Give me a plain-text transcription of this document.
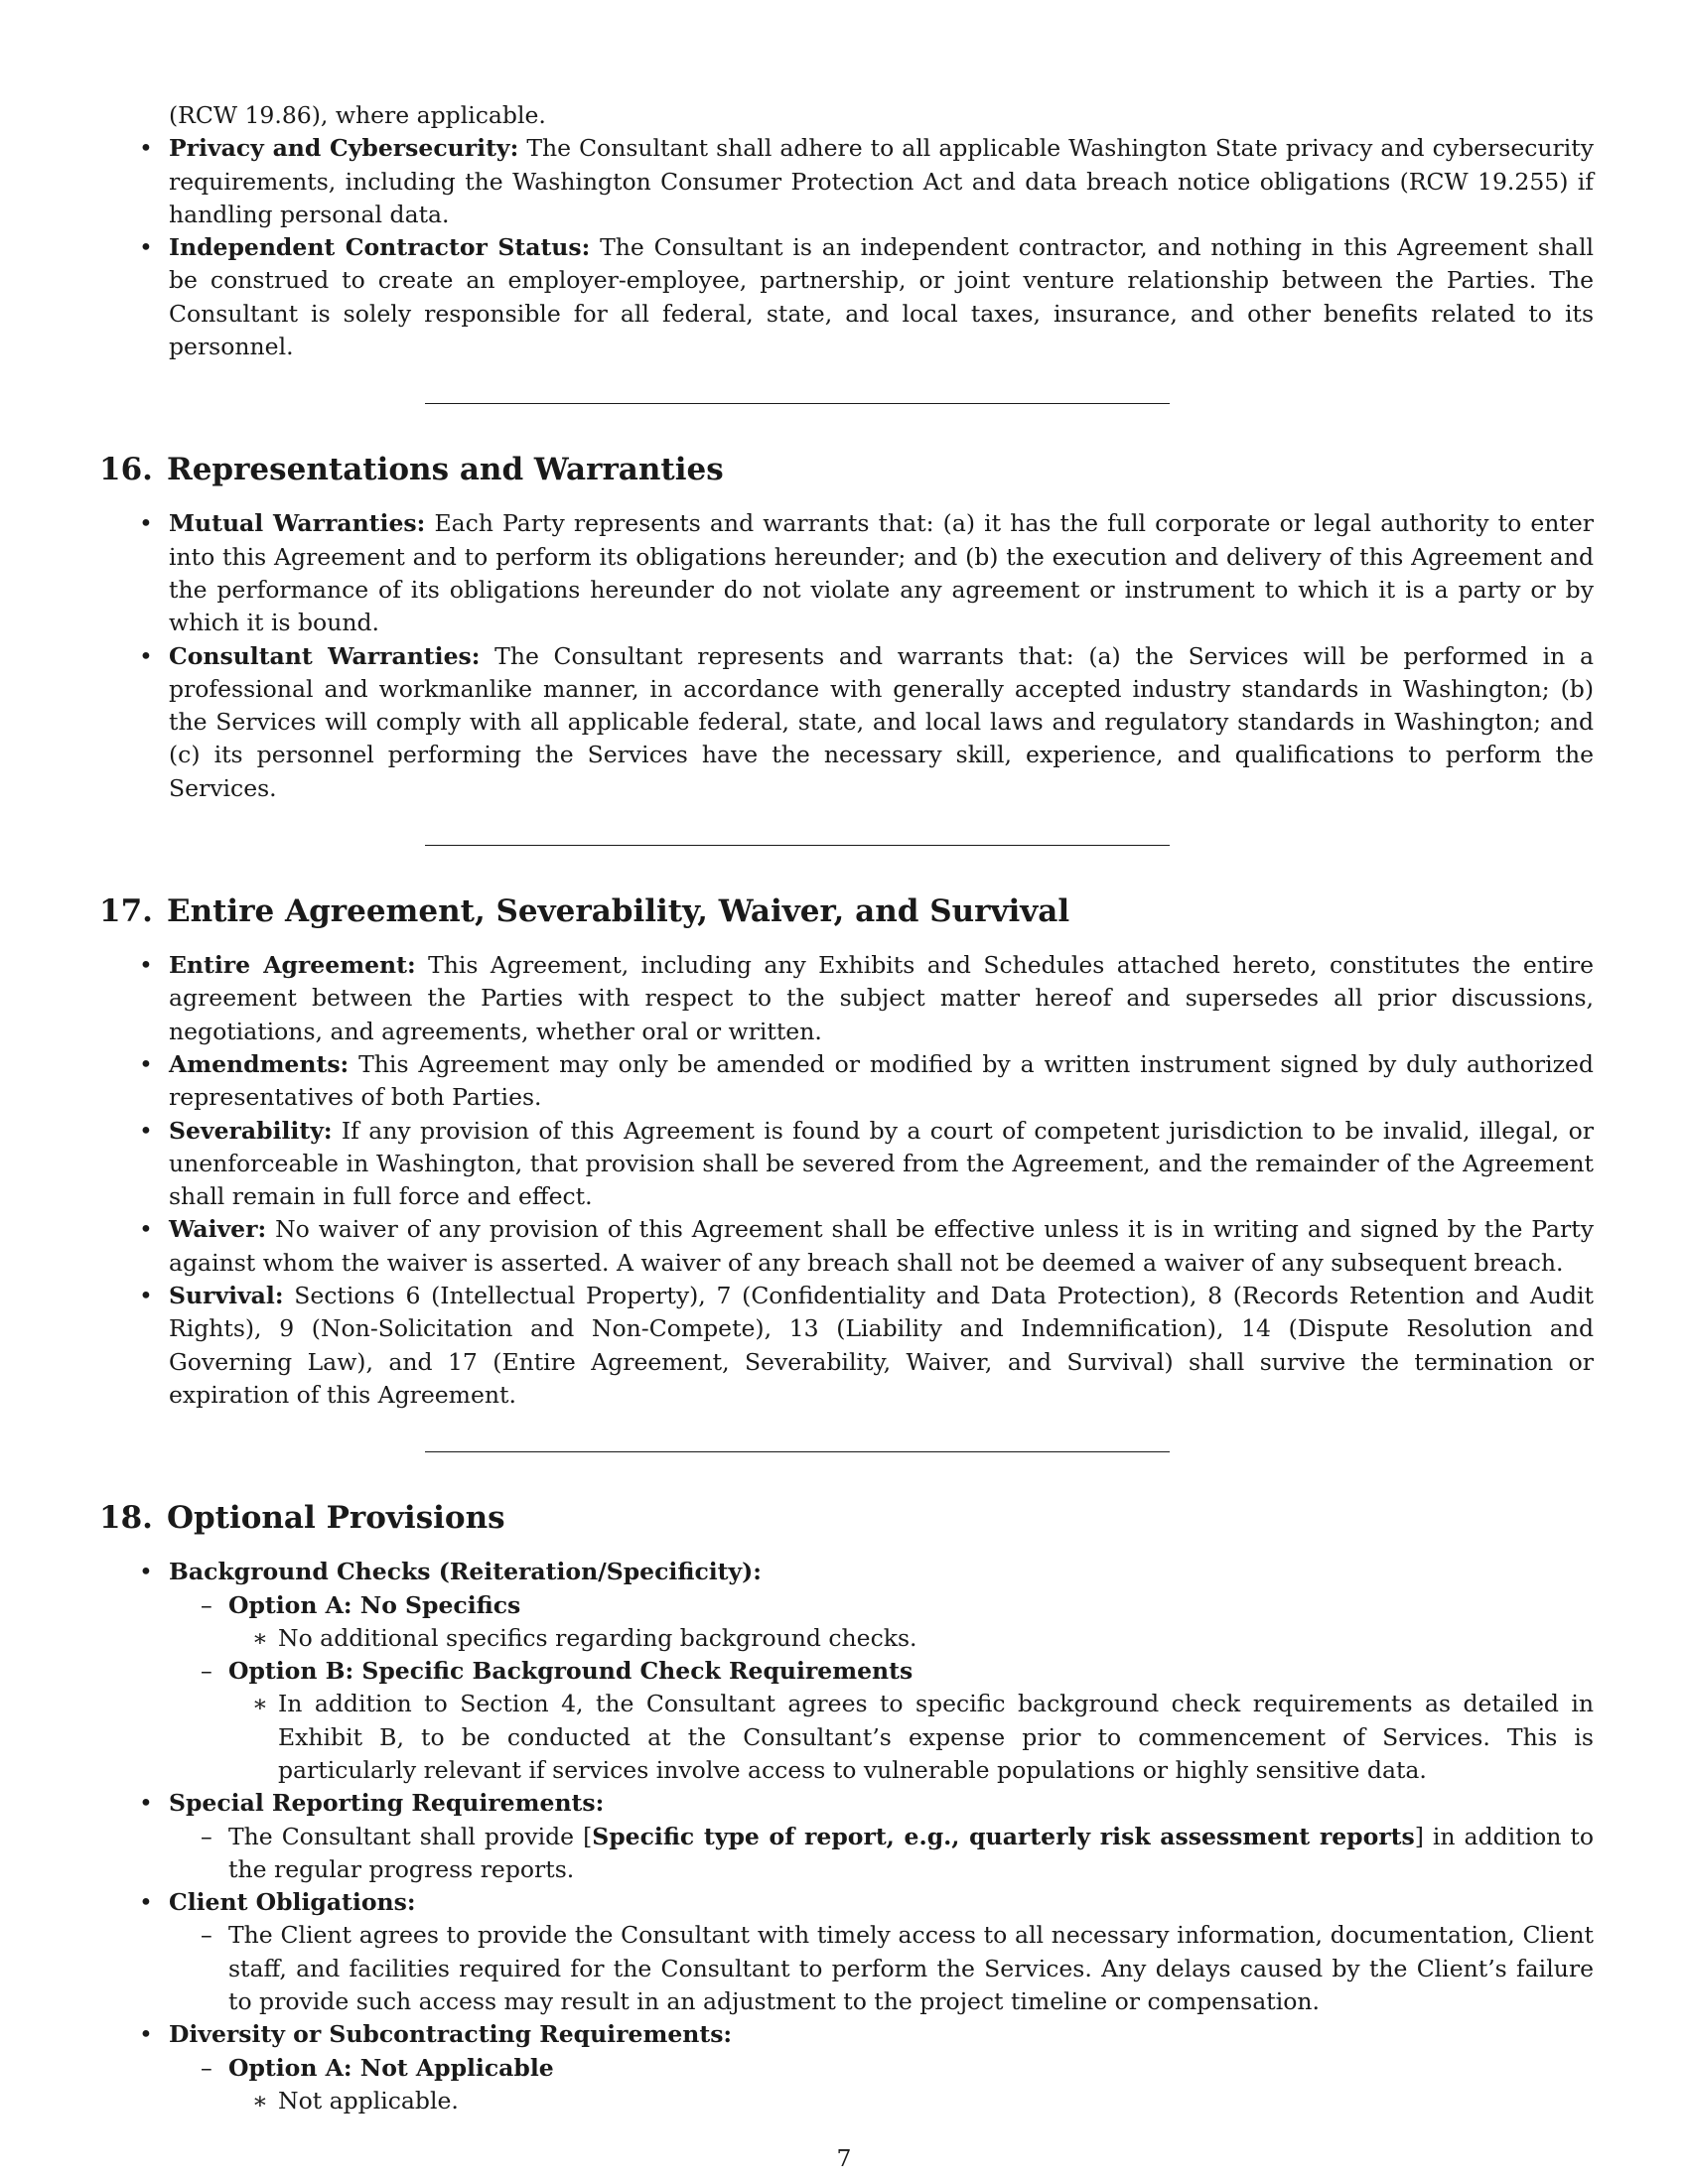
(RCW 19.86), where applicable.

• Privacy and Cybersecurity: The Consultant shall adhere to all applicable Washington State privacy and cybersecurity requirements, including the Washington Consumer Protection Act and data breach notice obligations (RCW 19.255) if handling personal data.
• Independent Contractor Status: The Consultant is an independent contractor, and nothing in this Agreement shall be construed to create an employer-employee, partnership, or joint venture relationship between the Parties. The Consultant is solely responsible for all federal, state, and local taxes, insurance, and other benefits related to its personnel.
16. Representations and Warranties
• Mutual Warranties: Each Party represents and warrants that: (a) it has the full corporate or legal authority to enter into this Agreement and to perform its obligations hereunder; and (b) the execution and delivery of this Agreement and the performance of its obligations hereunder do not violate any agreement or instrument to which it is a party or by which it is bound.
• Consultant Warranties: The Consultant represents and warrants that: (a) the Services will be performed in a professional and workmanlike manner, in accordance with generally accepted industry standards in Washington; (b) the Services will comply with all applicable federal, state, and local laws and regulatory standards in Washington; and (c) its personnel performing the Services have the necessary skill, experience, and qualifications to perform the Services.
17. Entire Agreement, Severability, Waiver, and Survival
• Entire Agreement: This Agreement, including any Exhibits and Schedules attached hereto, constitutes the entire agreement between the Parties with respect to the subject matter hereof and supersedes all prior discussions, negotiations, and agreements, whether oral or written.
• Amendments: This Agreement may only be amended or modified by a written instrument signed by duly authorized representatives of both Parties.
• Severability: If any provision of this Agreement is found by a court of competent jurisdiction to be invalid, illegal, or unenforceable in Washington, that provision shall be severed from the Agreement, and the remainder of the Agreement shall remain in full force and effect.
• Waiver: No waiver of any provision of this Agreement shall be effective unless it is in writing and signed by the Party against whom the waiver is asserted. A waiver of any breach shall not be deemed a waiver of any subsequent breach.
• Survival: Sections 6 (Intellectual Property), 7 (Confidentiality and Data Protection), 8 (Records Retention and Audit Rights), 9 (Non-Solicitation and Non-Compete), 13 (Liability and Indemnification), 14 (Dispute Resolution and Governing Law), and 17 (Entire Agreement, Severability, Waiver, and Survival) shall survive the termination or expiration of this Agreement.
18. Optional Provisions
• Background Checks (Reiteration/Specificity):
– Option A: No Specifics
∗ No additional specifics regarding background checks.
– Option B: Specific Background Check Requirements
∗ In addition to Section 4, the Consultant agrees to specific background check requirements as detailed in Exhibit B, to be conducted at the Consultant’s expense prior to commencement of Services. This is particularly relevant if services involve access to vulnerable populations or highly sensitive data.
• Special Reporting Requirements:
– The Consultant shall provide [Specific type of report, e.g., quarterly risk assessment reports] in addition to the regular progress reports.
• Client Obligations:
– The Client agrees to provide the Consultant with timely access to all necessary information, documentation, Client staff, and facilities required for the Consultant to perform the Services. Any delays caused by the Client’s failure to provide such access may result in an adjustment to the project timeline or compensation.
• Diversity or Subcontracting Requirements:
– Option A: Not Applicable
∗ Not applicable.
7
